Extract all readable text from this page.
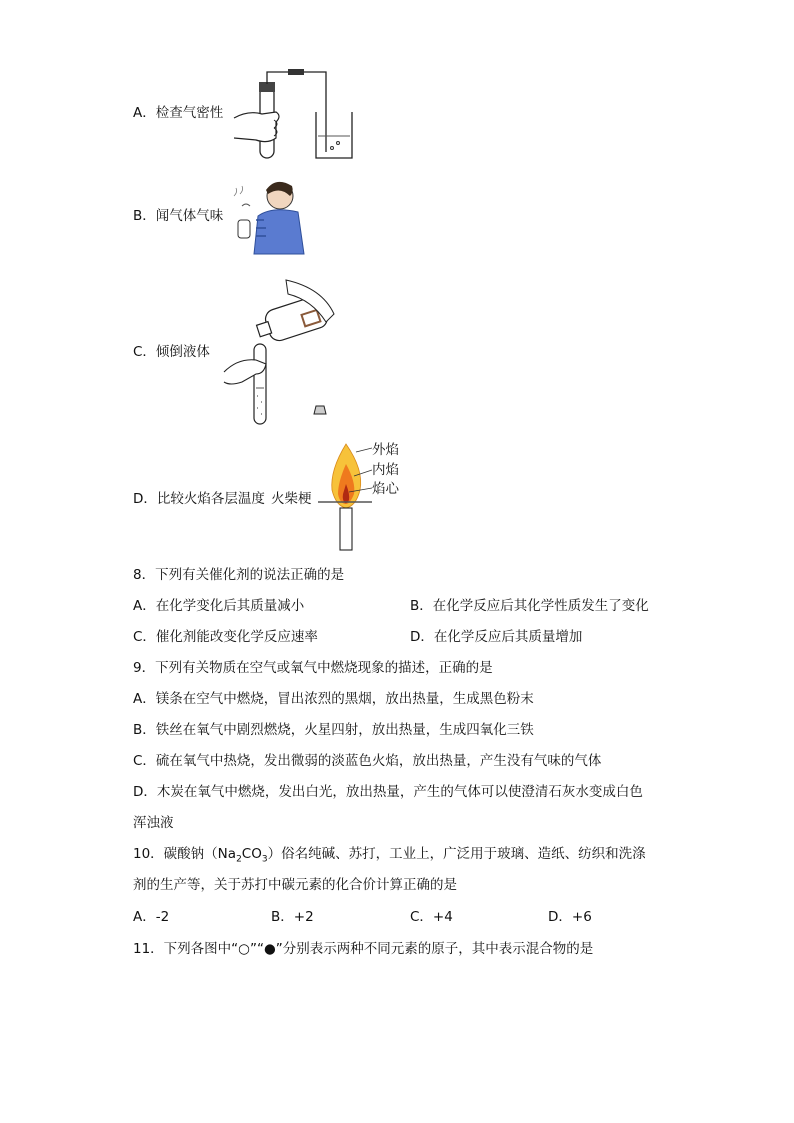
A．检查气密性
B．闻气体气味
C．倾倒液体
D．比较火焰各层温度 火柴梗
外焰
内焰
焰心
8．下列有关催化剂的说法正确的是
A．在化学变化后其质量减小	B．在化学反应后其化学性质发生了变化
C．催化剂能改变化学反应速率	D．在化学反应后其质量增加
9．下列有关物质在空气或氧气中燃烧现象的描述，正确的是
A．镁条在空气中燃烧，冒出浓烈的黑烟，放出热量，生成黑色粉末
B．铁丝在氧气中剧烈燃烧，火星四射，放出热量，生成四氧化三铁
C．硫在氧气中热烧，发出微弱的淡蓝色火焰，放出热量，产生没有气味的气体
D．木炭在氧气中燃烧，发出白光，放出热量，产生的气体可以使澄清石灰水变成白色
浑浊液
10．碳酸钠$(Na_2CO_3)$俗名纯碱、苏打，工业上，广泛用于玻璃、造纸、纺织和洗涤
剂的生产等，关于苏打中碳元素的化合价计算正确的是
A．-2	B．+2	C．+4	D．+6
11．下列各图中“○”“●”分别表示两种不同元素的原子，其中表示混合物的是
